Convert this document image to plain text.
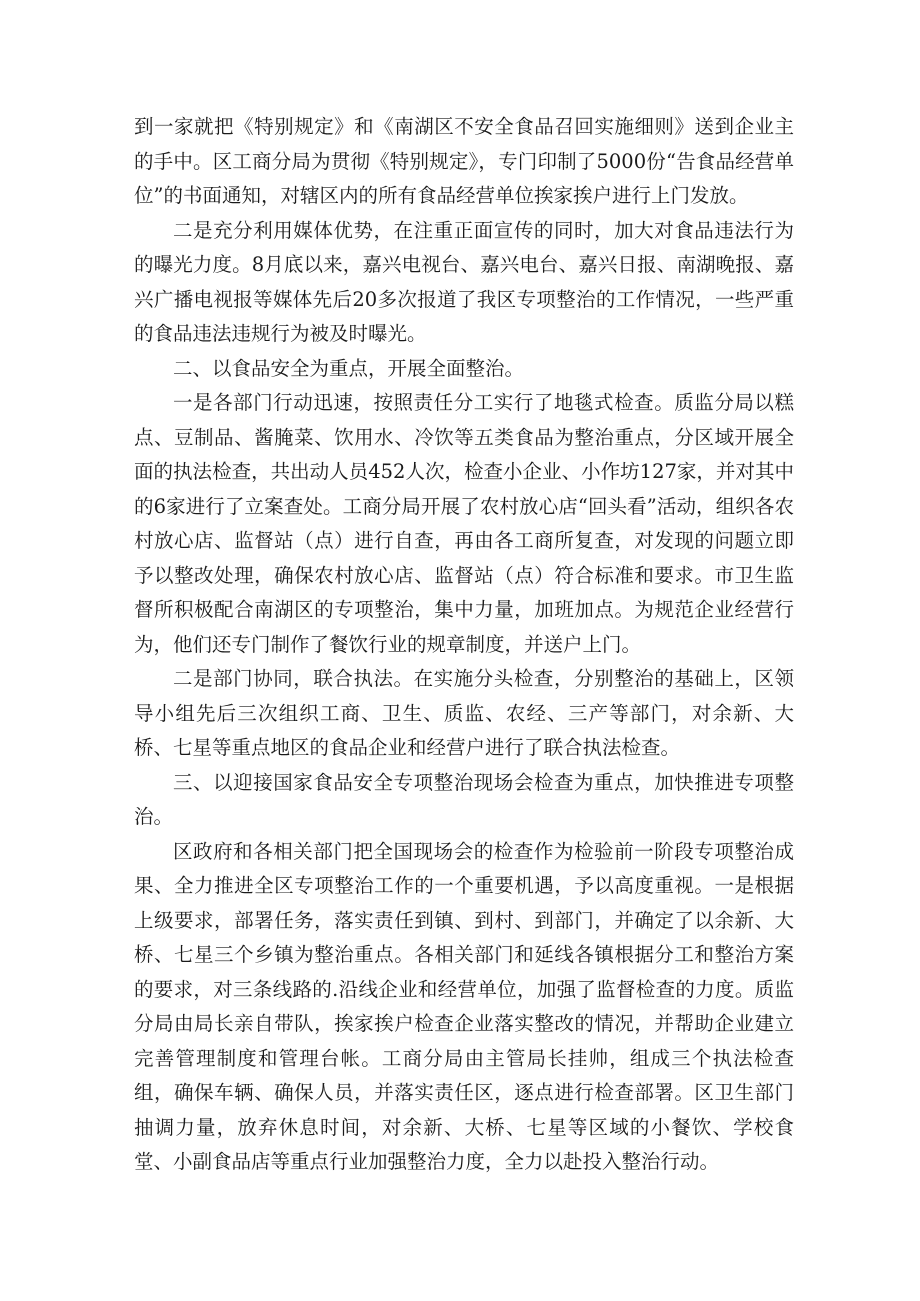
到一家就把《特别规定》和《南湖区不安全食品召回实施细则》送到企业主的手中。区工商分局为贯彻《特别规定》，专门印制了5000份“告食品经营单位”的书面通知，对辖区内的所有食品经营单位挨家挨户进行上门发放。

二是充分利用媒体优势，在注重正面宣传的同时，加大对食品违法行为的曝光力度。8月底以来，嘉兴电视台、嘉兴电台、嘉兴日报、南湖晚报、嘉兴广播电视报等媒体先后20多次报道了我区专项整治的工作情况，一些严重的食品违法违规行为被及时曝光。

二、以食品安全为重点，开展全面整治。

一是各部门行动迅速，按照责任分工实行了地毯式检查。质监分局以糕点、豆制品、酱腌菜、饮用水、冷饮等五类食品为整治重点，分区域开展全面的执法检查，共出动人员452人次，检查小企业、小作坊127家，并对其中的6家进行了立案查处。工商分局开展了农村放心店“回头看”活动，组织各农村放心店、监督站（点）进行自查，再由各工商所复查，对发现的问题立即予以整改处理，确保农村放心店、监督站（点）符合标准和要求。市卫生监督所积极配合南湖区的专项整治，集中力量，加班加点。为规范企业经营行为，他们还专门制作了餐饮行业的规章制度，并送户上门。

二是部门协同，联合执法。在实施分头检查，分别整治的基础上，区领导小组先后三次组织工商、卫生、质监、农经、三产等部门，对余新、大桥、七星等重点地区的食品企业和经营户进行了联合执法检查。

三、以迎接国家食品安全专项整治现场会检查为重点，加快推进专项整治。

区政府和各相关部门把全国现场会的检查作为检验前一阶段专项整治成果、全力推进全区专项整治工作的一个重要机遇，予以高度重视。一是根据上级要求，部署任务，落实责任到镇、到村、到部门，并确定了以余新、大桥、七星三个乡镇为整治重点。各相关部门和延线各镇根据分工和整治方案的要求，对三条线路的.沿线企业和经营单位，加强了监督检查的力度。质监分局由局长亲自带队，挨家挨户检查企业落实整改的情况，并帮助企业建立完善管理制度和管理台帐。工商分局由主管局长挂帅，组成三个执法检查组，确保车辆、确保人员，并落实责任区，逐点进行检查部署。区卫生部门抽调力量，放弃休息时间，对余新、大桥、七星等区域的小餐饮、学校食堂、小副食品店等重点行业加强整治力度，全力以赴投入整治行动。
